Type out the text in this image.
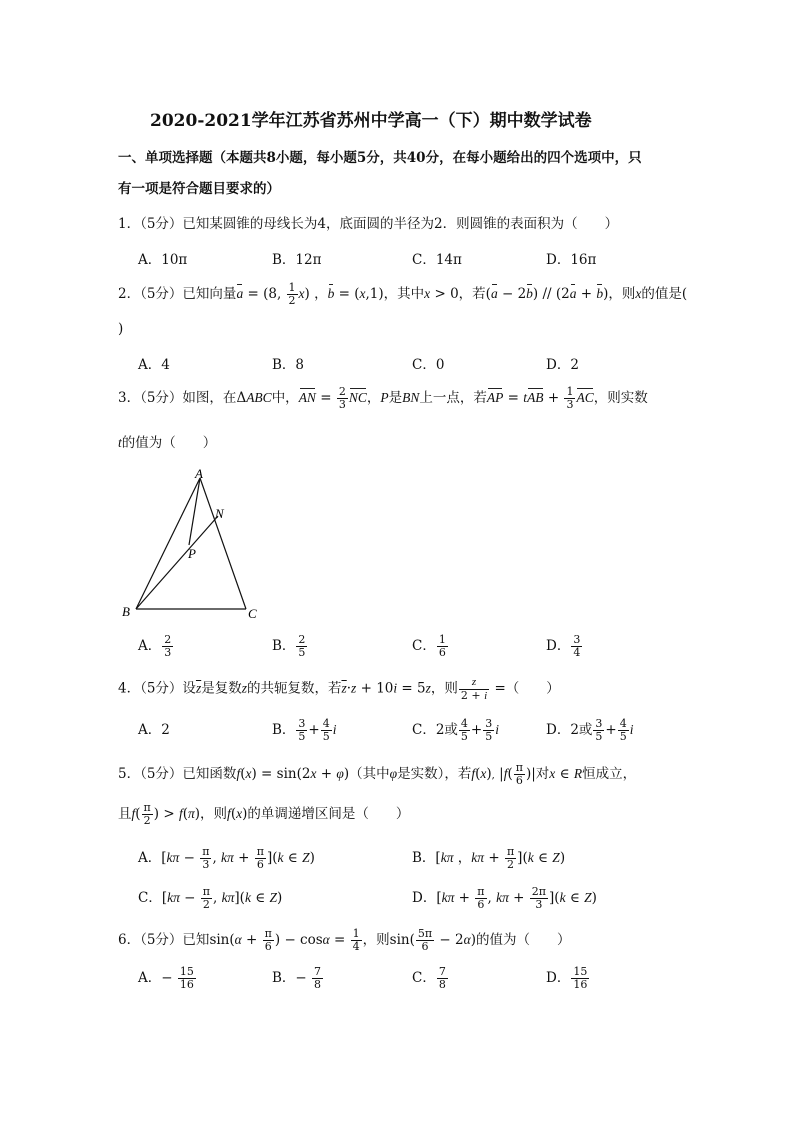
2020-2021学年江苏省苏州中学高一（下）期中数学试卷
一、单项选择题（本题共8小题，每小题5分，共40分，在每小题给出的四个选项中，只
有一项是符合题目要求的）
1．（5分）已知某圆锥的母线长为4，底面圆的半径为2．则圆锥的表面积为（　　）
A．10π	B．12π	C．14π	D．16π
2．（5分）已知向量a = (8, $\frac{1}{2} x$) ，b = (x,1)，其中x > 0，若(a − 2b) // (2a + b)，则x的值是(
)
A．4	B．8	C．0	D．2
3．（5分）如图，在ΔABC中，AN = $\frac{2}{3}$ NC，P是BN上一点，若AP = tAB + $\frac{1}{3}$ AC，则实数
t的值为（　　）
A
N
P
B	C
A． $\frac{2}{3}$	B． $\frac{2}{5}$	C． $\frac{1}{6}$	D． $\frac{3}{4}$
4．（5分）设$\overline{z}$是复数z的共轭复数，若$\overline{z}\cdot z + 10i = 5z$，则 $\frac{z}{2 + i}$ =（　　）
A．2	B． $\frac{3}{5} + \frac{4}{5}$ i	C．2或 $\frac{4}{5} + \frac{3}{5}$ i	D．2或 $\frac{3}{5} + \frac{4}{5}$ i
5．（5分）已知函数f(x) = sin(2x + φ)（其中φ是实数），若f(x), $|f( \frac{\pi}{6}$ )|对x ∈ R恒成立，
且$f( \frac{\pi}{2}$ ) > f(π)，则f(x)的单调递增区间是（　　）
A．[$k\pi - \frac{\pi}{3}$ , $k\pi + \frac{\pi}{6} ](k$ ∈ Z)	B．[kπ ，$k\pi + \frac{\pi}{2} ](k$ ∈ Z)
C．[$k\pi - \frac{\pi}{2}$ , kπ](k ∈ Z)	D．[$k\pi + \frac{\pi}{6}$ , $k\pi + \frac{2\pi}{3} ](k$ ∈ Z)
6．（5分）已知$\sin(\alpha + \frac{\pi}{6}$ ) − $\cos\alpha = \frac{1}{4}$ ，则$\sin( \frac{5\pi}{6} - 2\alpha)$的值为（　　）
A．− $\frac{15}{16}$	B．− $\frac{7}{8}$	C． $\frac{7}{8}$	D． $\frac{15}{16}$
